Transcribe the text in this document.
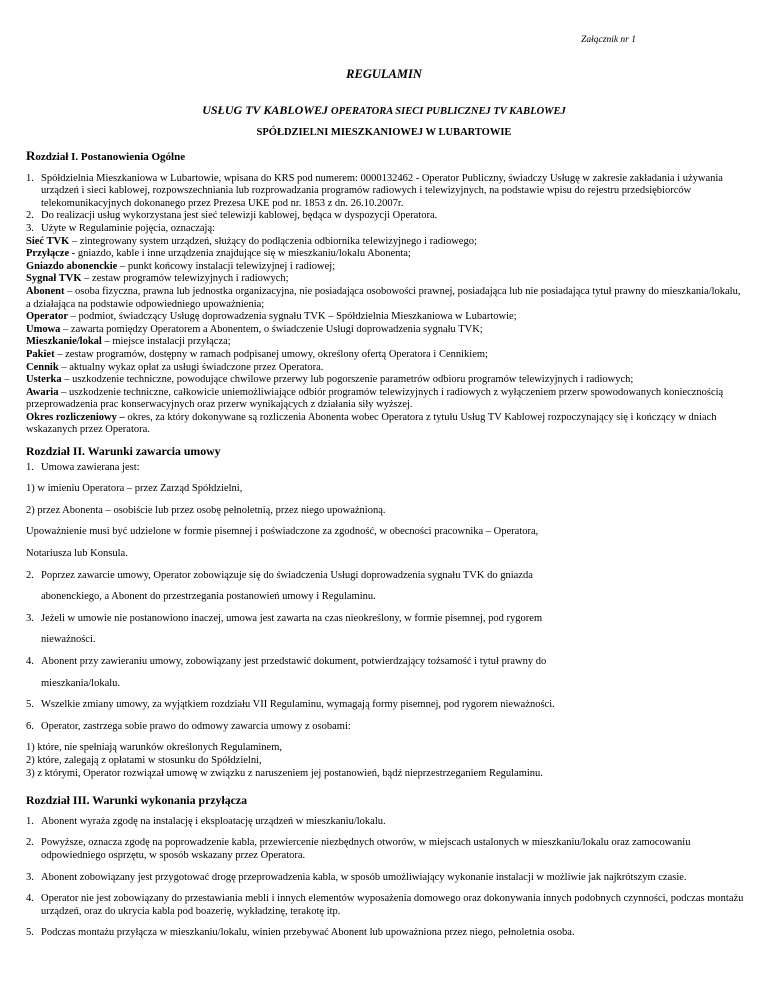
Załącznik nr 1
REGULAMIN
USŁUG TV KABLOWEJ OPERATORA SIECI PUBLICZNEJ TV KABLOWEJ
SPÓŁDZIELNI MIESZKANIOWEJ W LUBARTOWIE
Rozdział I. Postanowienia Ogólne
1. Spółdzielnia Mieszkaniowa w Lubartowie, wpisana do KRS pod numerem: 0000132462 - Operator Publiczny, świadczy Usługę w zakresie zakładania i używania urządzeń i sieci kablowej, rozpowszechniania lub rozprowadzania programów radiowych i telewizyjnych, na podstawie wpisu do rejestru przedsiębiorców telekomunikacyjnych dokonanego przez Prezesa UKE pod nr. 1853 z dn. 26.10.2007r.
2. Do realizacji usług wykorzystana jest sieć telewizji kablowej, będąca w dyspozycji Operatora.
3. Użyte w Regulaminie pojęcia, oznaczają:

Sieć TVK – zintegrowany system urządzeń, służący do podłączenia odbiornika telewizyjnego i radiowego;

Przyłącze - gniazdo, kable i inne urządzenia znajdujące się w mieszkaniu/lokalu Abonenta;

Gniazdo abonenckie – punkt końcowy instalacji telewizyjnej i radiowej;

Sygnał TVK – zestaw programów telewizyjnych i radiowych;

Abonent – osoba fizyczna, prawna lub jednostka organizacyjna, nie posiadająca osobowości prawnej, posiadająca lub nie posiadająca tytuł prawny do mieszkania/lokalu, a działająca na podstawie odpowiedniego upoważnienia;

Operator – podmiot, świadczący Usługę doprowadzenia sygnału TVK – Spółdzielnia Mieszkaniowa w Lubartowie;

Umowa – zawarta pomiędzy Operatorem a Abonentem, o świadczenie Usługi doprowadzenia sygnału TVK;

Mieszkanie/lokal – miejsce instalacji przyłącza;

Pakiet – zestaw programów, dostępny w ramach podpisanej umowy, określony ofertą Operatora i Cennikiem;

Cennik – aktualny wykaz opłat za usługi świadczone przez Operatora.

Usterka – uszkodzenie techniczne, powodujące chwilowe przerwy lub pogorszenie parametrów odbioru programów telewizyjnych i radiowych;

Awaria – uszkodzenie techniczne, całkowicie uniemożliwiające odbiór programów telewizyjnych i radiowych z wyłączeniem przerw spowodowanych koniecznością przeprowadzenia prac konserwacyjnych oraz przerw wynikających z działania siły wyższej.

Okres rozliczeniowy – okres, za który dokonywane są rozliczenia Abonenta wobec Operatora z tytułu Usług TV Kablowej rozpoczynający się i kończący w dniach wskazanych przez Operatora.

Rozdział II. Warunki zawarcia umowy
1. Umowa zawierana jest:

1) w imieniu Operatora – przez Zarząd Spółdzielni,

2) przez Abonenta – osobiście lub przez osobę pełnoletnią, przez niego upoważnioną.

Upoważnienie musi być udzielone w formie pisemnej i poświadczone za zgodność, w obecności pracownika – Operatora,

Notariusza lub Konsula.

2. Poprzez zawarcie umowy, Operator zobowiązuje się do świadczenia Usługi doprowadzenia sygnału TVK do gniazda
abonenckiego, a Abonent do przestrzegania postanowień umowy i Regulaminu.
3. Jeżeli w umowie nie postanowiono inaczej, umowa jest zawarta na czas nieokreślony, w formie pisemnej, pod rygorem
nieważności.
4. Abonent przy zawieraniu umowy, zobowiązany jest przedstawić dokument, potwierdzający tożsamość i tytuł prawny do
mieszkania/lokalu.
5. Wszelkie zmiany umowy, za wyjątkiem rozdziału VII Regulaminu, wymagają formy pisemnej, pod rygorem nieważności.
6. Operator, zastrzega sobie prawo do odmowy zawarcia umowy z osobami:

1) które, nie spełniają warunków określonych Regulaminem,

2) które, zalegają z opłatami w stosunku do Spółdzielni,

3) z którymi, Operator rozwiązał umowę w związku z naruszeniem jej postanowień, bądź nieprzestrzeganiem Regulaminu.

Rozdział III. Warunki wykonania przyłącza
1. Abonent wyraża zgodę na instalację i eksploatację urządzeń w mieszkaniu/lokalu.
2. Powyższe, oznacza zgodę na poprowadzenie kabla, przewiercenie niezbędnych otworów, w miejscach ustalonych w mieszkaniu/lokalu oraz zamocowaniu odpowiedniego osprzętu, w sposób wskazany przez Operatora.
3. Abonent zobowiązany jest przygotować drogę przeprowadzenia kabla, w sposób umożliwiający wykonanie instalacji w możliwie jak najkrótszym czasie.
4. Operator nie jest zobowiązany do przestawiania mebli i innych elementów wyposażenia domowego oraz dokonywania innych podobnych czynności, podczas montażu urządzeń, oraz do ukrycia kabla pod boazerię, wykładzinę, terakotę itp.
5. Podczas montażu przyłącza w mieszkaniu/lokalu, winien przebywać Abonent lub upoważniona przez niego, pełnoletnia osoba.
